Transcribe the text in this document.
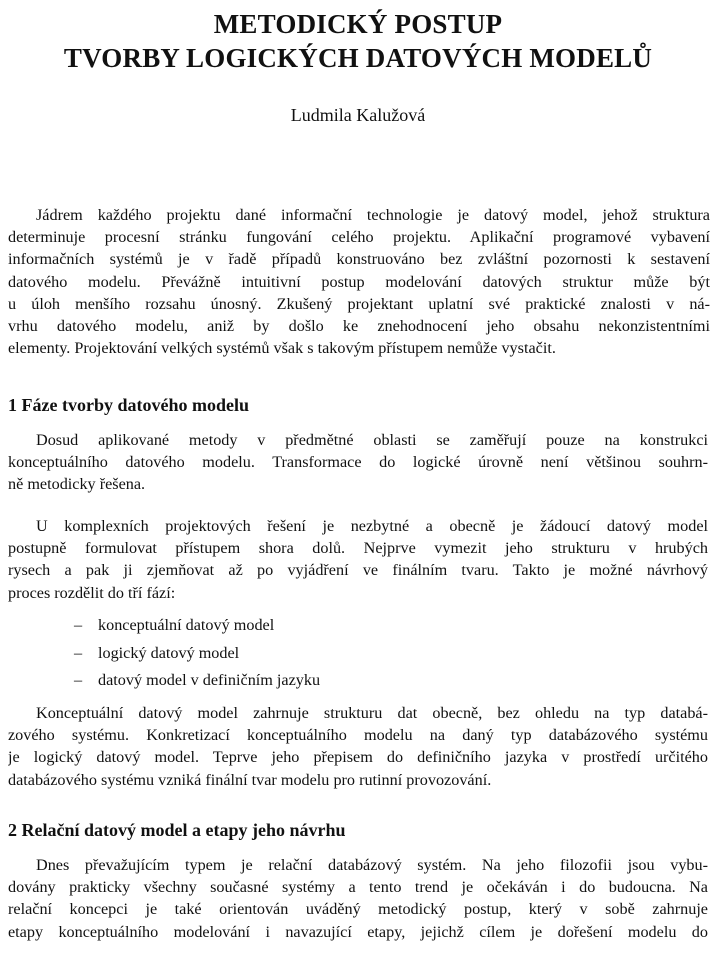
METODICKÝ POSTUP
TVORBY LOGICKÝCH DATOVÝCH MODELŮ

Ludmila Kalužová

Jádrem každého projektu dané informační technologie je datový model, jehož struktura
determinuje procesní stránku fungování celého projektu. Aplikační programové vybavení
informačních systémů je v řadě případů konstruováno bez zvláštní pozornosti k sestavení
datového modelu. Převážně intuitivní postup modelování datových struktur může být
u úloh menšího rozsahu únosný. Zkušený projektant uplatní své praktické znalosti v ná-
vrhu datového modelu, aniž by došlo ke znehodnocení jeho obsahu nekonzistentními
elementy. Projektování velkých systémů však s takovým přístupem nemůže vystačit.
1 Fáze tvorby datového modelu
Dosud aplikované metody v předmětné oblasti se zaměřují pouze na konstrukci
konceptuálního datového modelu. Transformace do logické úrovně není většinou souhrn-
ně metodicky řešena.
U komplexních projektových řešení je nezbytné a obecně je žádoucí datový model
postupně formulovat přístupem shora dolů. Nejprve vymezit jeho strukturu v hrubých
rysech a pak ji zjemňovat až po vyjádření ve finálním tvaru. Takto je možné návrhový
proces rozdělit do tří fází:
– konceptuální datový model
– logický datový model
– datový model v definičním jazyku
Konceptuální datový model zahrnuje strukturu dat obecně, bez ohledu na typ databá-
zového systému. Konkretizací konceptuálního modelu na daný typ databázového systému
je logický datový model. Teprve jeho přepisem do definičního jazyka v prostředí určitého
databázového systému vzniká finální tvar modelu pro rutinní provozování.
2 Relační datový model a etapy jeho návrhu
Dnes převažujícím typem je relační databázový systém. Na jeho filozofii jsou vybu-
dovány prakticky všechny současné systémy a tento trend je očekáván i do budoucna. Na
relační koncepci je také orientován uváděný metodický postup, který v sobě zahrnuje
etapy konceptuálního modelování i navazující etapy, jejichž cílem je dořešení modelu do
